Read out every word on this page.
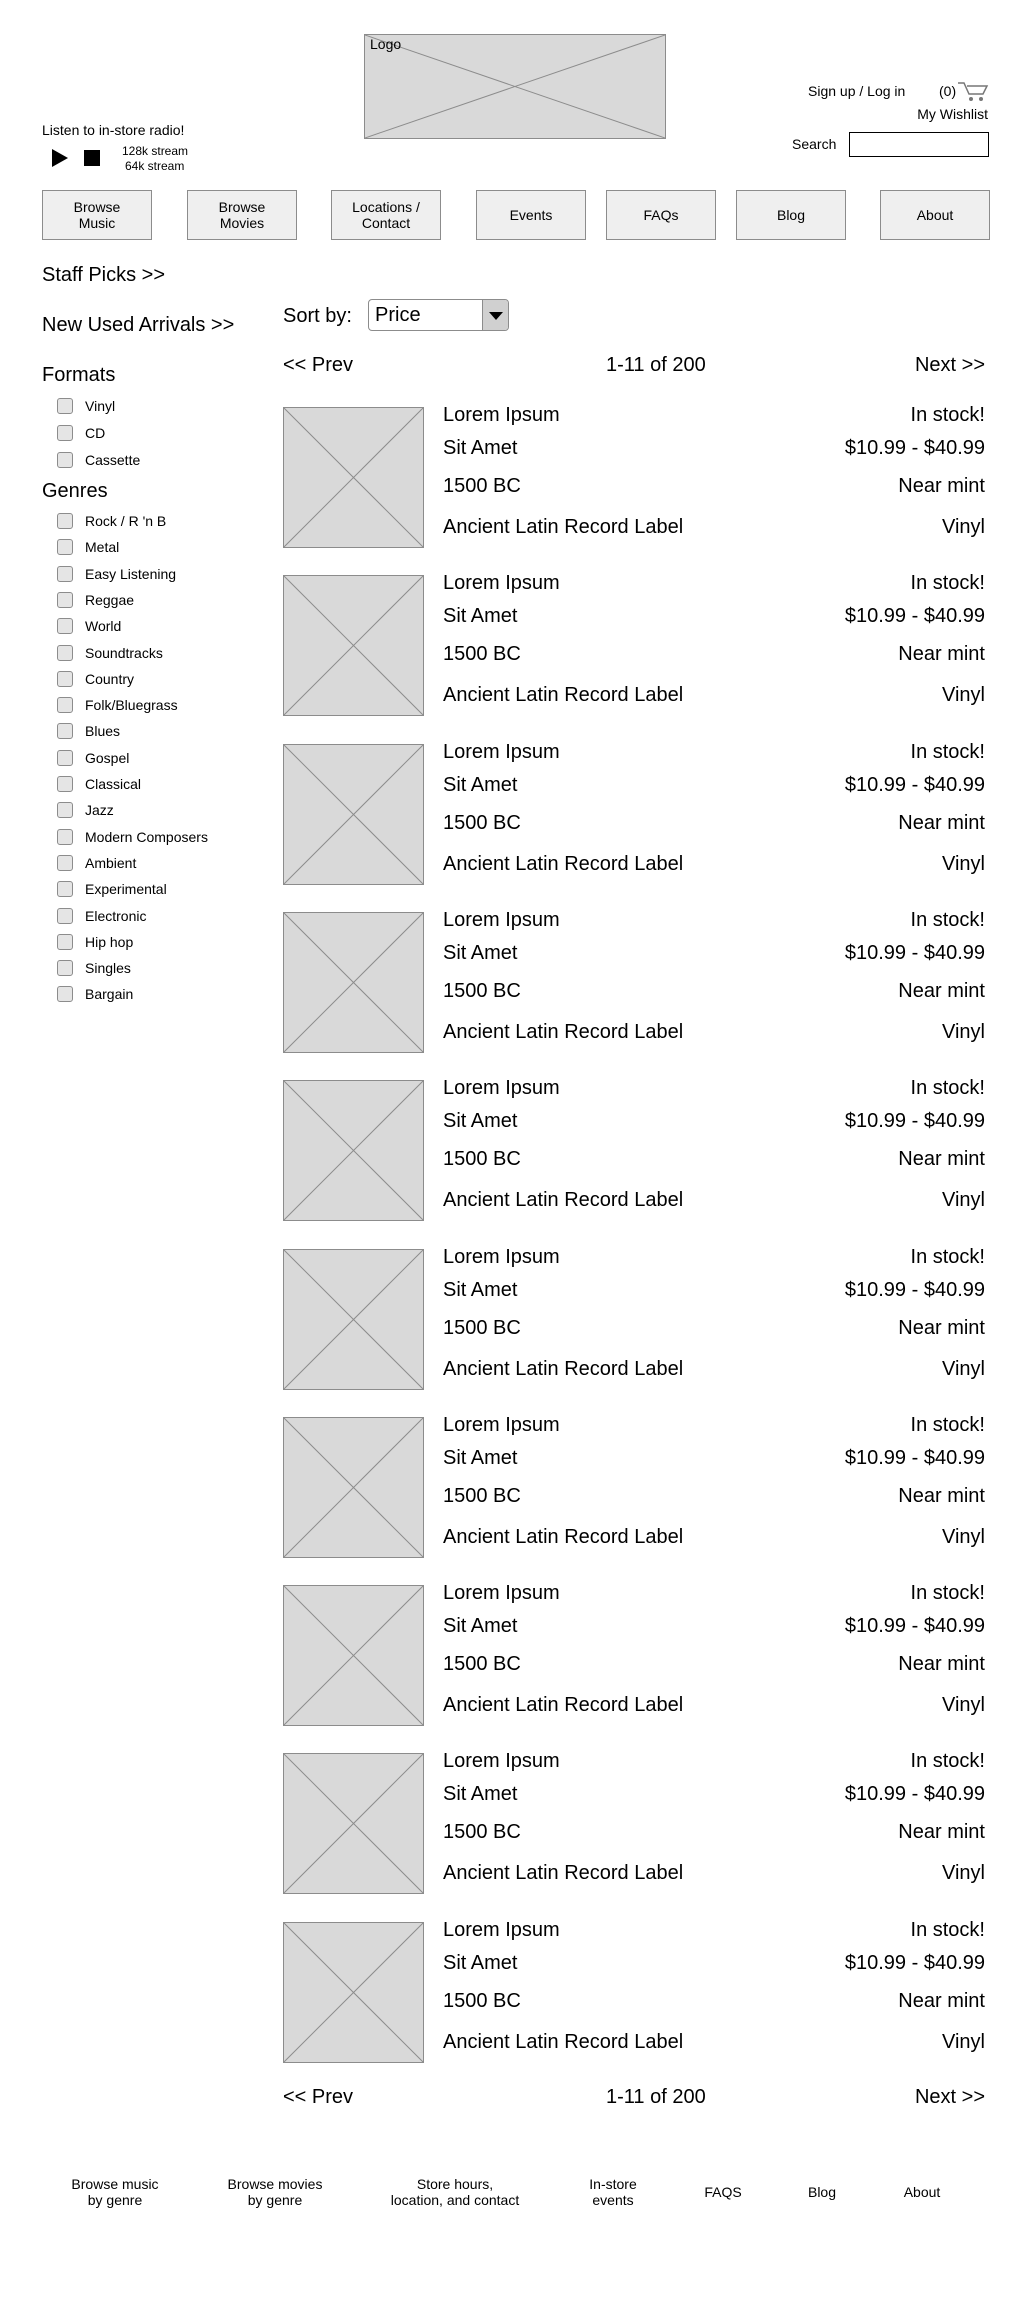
Logo
Sign up / Log in (0)
My Wishlist
Search
Listen to in-store radio!
128k stream
64k stream
Browse
Music
Browse
Movies
Locations /
Contact	Events	FAQs	Blog	About
Staff Picks >>
New Used Arrivals >>
Formats
Vinyl
CD
Cassette
Genres
Rock / R 'n B
Metal
Easy Listening
Reggae
World
Soundtracks
Country
Folk/Bluegrass
Blues
Gospel
Classical
Jazz
Modern Composers
Ambient
Experimental
Electronic
Hip hop
Singles
Bargain
Sort by: Price
<< Prev	1-11 of 200	Next >>
Lorem Ipsum
Sit Amet
1500 BC
Ancient Latin Record Label
In stock!
$10.99 - $40.99
Near mint
Vinyl
Lorem Ipsum
Sit Amet
1500 BC
Ancient Latin Record Label
In stock!
$10.99 - $40.99
Near mint
Vinyl
Lorem Ipsum
Sit Amet
1500 BC
Ancient Latin Record Label
In stock!
$10.99 - $40.99
Near mint
Vinyl
Lorem Ipsum
Sit Amet
1500 BC
Ancient Latin Record Label
In stock!
$10.99 - $40.99
Near mint
Vinyl
Lorem Ipsum
Sit Amet
1500 BC
Ancient Latin Record Label
In stock!
$10.99 - $40.99
Near mint
Vinyl
Lorem Ipsum
Sit Amet
1500 BC
Ancient Latin Record Label
In stock!
$10.99 - $40.99
Near mint
Vinyl
Lorem Ipsum
Sit Amet
1500 BC
Ancient Latin Record Label
In stock!
$10.99 - $40.99
Near mint
Vinyl
Lorem Ipsum
Sit Amet
1500 BC
Ancient Latin Record Label
In stock!
$10.99 - $40.99
Near mint
Vinyl
Lorem Ipsum
Sit Amet
1500 BC
Ancient Latin Record Label
In stock!
$10.99 - $40.99
Near mint
Vinyl
Lorem Ipsum
Sit Amet
1500 BC
Ancient Latin Record Label
In stock!
$10.99 - $40.99
Near mint
Vinyl
<< Prev	1-11 of 200	Next >>
Browse music
by genre
Browse movies
by genre
Store hours,
location, and contact
In-store
events	FAQS	Blog	About
